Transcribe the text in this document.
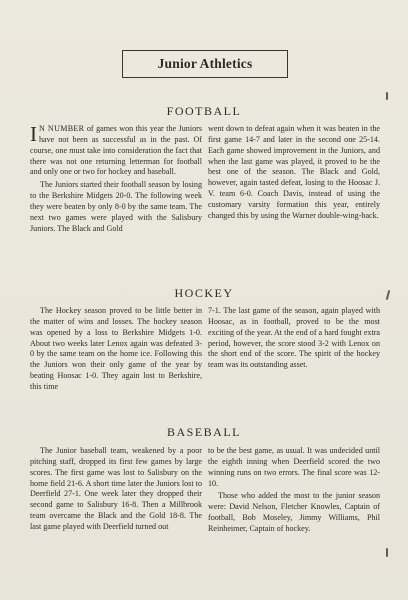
Junior Athletics
FOOTBALL

I N NUMBER of games won this year the Juniors have not been as successful as in the past. Of course, one must take into consideration the fact that there was not one returning letterman for football and only one or two for hockey and baseball.

The Juniors started their football season by losing to the Berkshire Midgets 20-0. The following week they were beaten by only 8-0 by the same team. The next two games were played with the Salisbury Juniors. The Black and Gold

went down to defeat again when it was beaten in the first game 14-7 and later in the second one 25-14. Each game showed improvement in the Juniors, and when the last game was played, it proved to be the best one of the season. The Black and Gold, however, again tasted defeat, losing to the Hoosac J. V. team 6-0. Coach Davis, instead of using the customary varsity formation this year, entirely changed this by using the Warner double-wing-back.

HOCKEY

The Hockey season proved to be little better in the matter of wins and losses. The hockey season was opened by a loss to Berkshire Midgets 1-0. About two weeks later Lenox again was defeated 3-0 by the same team on the home ice. Following this the Juniors won their only game of the year by beating Hoosac 1-0. They again lost to Berkshire, this time

7-1. The last game of the season, again played with Hoosac, as in football, proved to be the most exciting of the year. At the end of a hard fought extra period, however, the score stood 3-2 with Lenox on the short end of the score. The spirit of the hockey team was its outstanding asset.

BASEBALL

The Junior baseball team, weakened by a poor pitching staff, dropped its first few games by large scores. The first game was lost to Salisbury on the home field 21-6. A short time later the Juniors lost to Deerfield 27-1. One week later they dropped their second game to Salisbury 16-8. Then a Millbrook team overcame the Black and the Gold 18-8. The last game played with Deerfield turned out

to be the best game, as usual. It was undecided until the eighth inning when Deerfield scored the two winning runs on two errors. The final score was 12-10.

Those who added the most to the junior season were: David Nelson, Fletcher Knowles, Captain of football, Bob Moseley, Jimmy Williams, Phil Reinheimer, Captain of hockey.
